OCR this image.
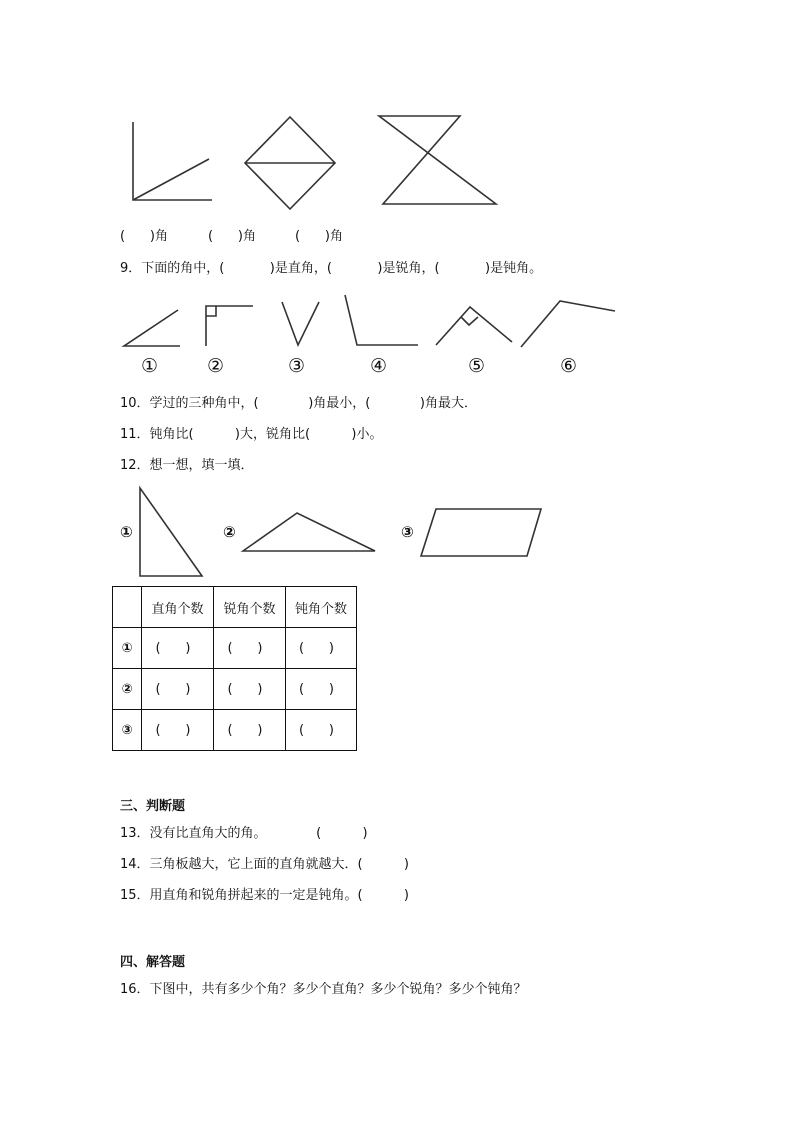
(      )角	(      )角	(      )角
9．下面的角中，(           )是直角，(           )是锐角，(           )是钝角。
①	②	③	④	⑤	⑥
10．学过的三种角中，(            )角最小，(            )角最大．
11．钝角比(          )大，锐角比(          )小。
12．想一想，填一填．
①	②	③
	直角个数	锐角个数	钝角个数
①	(      )	(      )	(      )
②	(      )	(      )	(      )
③	(      )	(      )	(      )
三、判断题
13．没有比直角大的角。            (          )
14．三角板越大，它上面的直角就越大．(          )
15．用直角和锐角拼起来的一定是钝角。(          )
四、解答题
16．下图中，共有多少个角？多少个直角？多少个锐角？多少个钝角？
